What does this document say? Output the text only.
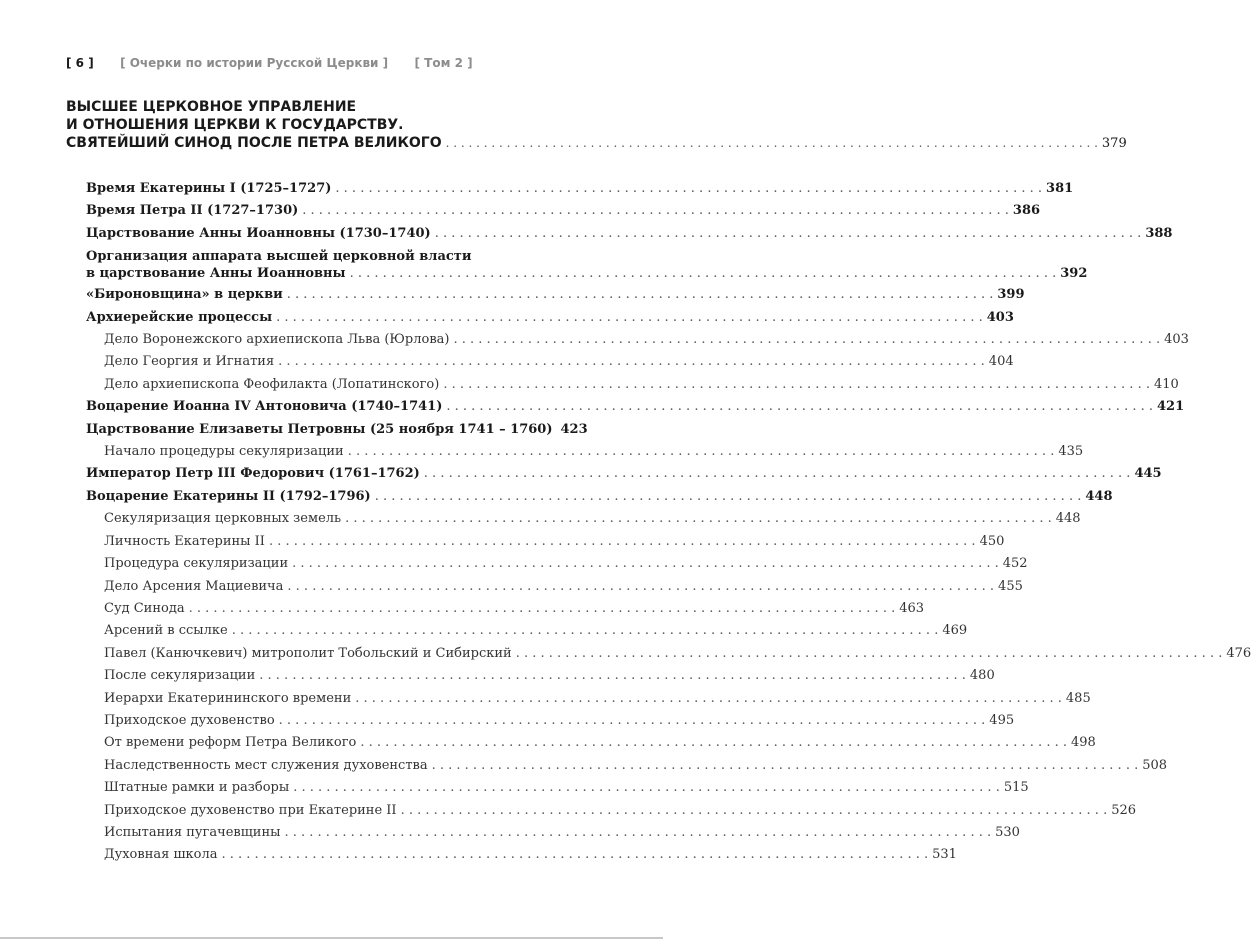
[ 6 ] [ Очерки по истории Русской Церкви ] [ Том 2 ]
ВЫСШЕЕ ЦЕРКОВНОЕ УПРАВЛЕНИЕ
И ОТНОШЕНИЯ ЦЕРКВИ К ГОСУДАРСТВУ.
СВЯТЕЙШИЙ СИНОД ПОСЛЕ ПЕТРА ВЕЛИКОГО . . . . . . . . . . . . . . . . . . . . . . . . . . . . . . . . . . . . . . . . . . . . . . . . . . . . . . . . . . . . . . . . . . . . . . . . . . . . . . . . . . . . . . 379
Время Екатерины I (1725–1727) . . . . . . . . . . . . . . . . . . . . . . . . . . . . . . . . . . . . . . . . . . . . . . . . . . . . . . . . . . . . . . . . . . . . . . . . . . . . . . . . . . . . . . 381
Время Петра II (1727–1730) . . . . . . . . . . . . . . . . . . . . . . . . . . . . . . . . . . . . . . . . . . . . . . . . . . . . . . . . . . . . . . . . . . . . . . . . . . . . . . . . . . . . . . 386
Царствование Анны Иоанновны (1730–1740) . . . . . . . . . . . . . . . . . . . . . . . . . . . . . . . . . . . . . . . . . . . . . . . . . . . . . . . . . . . . . . . . . . . . . . . . . . . . . . . . . . . . . . 388
Организация аппарата высшей церковной власти
в царствование Анны Иоанновны . . . . . . . . . . . . . . . . . . . . . . . . . . . . . . . . . . . . . . . . . . . . . . . . . . . . . . . . . . . . . . . . . . . . . . . . . . . . . . . . . . . . . . 392
«Бироновщина» в церкви . . . . . . . . . . . . . . . . . . . . . . . . . . . . . . . . . . . . . . . . . . . . . . . . . . . . . . . . . . . . . . . . . . . . . . . . . . . . . . . . . . . . . . 399
Архиерейские процессы . . . . . . . . . . . . . . . . . . . . . . . . . . . . . . . . . . . . . . . . . . . . . . . . . . . . . . . . . . . . . . . . . . . . . . . . . . . . . . . . . . . . . . 403
Дело Воронежского архиепископа Льва (Юрлова) . . . . . . . . . . . . . . . . . . . . . . . . . . . . . . . . . . . . . . . . . . . . . . . . . . . . . . . . . . . . . . . . . . . . . . . . . . . . . . . . . . . . . . 403
Дело Георгия и Игнатия . . . . . . . . . . . . . . . . . . . . . . . . . . . . . . . . . . . . . . . . . . . . . . . . . . . . . . . . . . . . . . . . . . . . . . . . . . . . . . . . . . . . . . 404
Дело архиепископа Феофилакта (Лопатинского) . . . . . . . . . . . . . . . . . . . . . . . . . . . . . . . . . . . . . . . . . . . . . . . . . . . . . . . . . . . . . . . . . . . . . . . . . . . . . . . . . . . . . . 410
Воцарение Иоанна IV Антоновича (1740–1741) . . . . . . . . . . . . . . . . . . . . . . . . . . . . . . . . . . . . . . . . . . . . . . . . . . . . . . . . . . . . . . . . . . . . . . . . . . . . . . . . . . . . . . 421
Царствование Елизаветы Петровны (25 ноября 1741 – 1760) 423
Начало процедуры секуляризации . . . . . . . . . . . . . . . . . . . . . . . . . . . . . . . . . . . . . . . . . . . . . . . . . . . . . . . . . . . . . . . . . . . . . . . . . . . . . . . . . . . . . . 435
Император Петр III Федорович (1761–1762) . . . . . . . . . . . . . . . . . . . . . . . . . . . . . . . . . . . . . . . . . . . . . . . . . . . . . . . . . . . . . . . . . . . . . . . . . . . . . . . . . . . . . . 445
Воцарение Екатерины II (1792–1796) . . . . . . . . . . . . . . . . . . . . . . . . . . . . . . . . . . . . . . . . . . . . . . . . . . . . . . . . . . . . . . . . . . . . . . . . . . . . . . . . . . . . . . 448
Секуляризация церковных земель . . . . . . . . . . . . . . . . . . . . . . . . . . . . . . . . . . . . . . . . . . . . . . . . . . . . . . . . . . . . . . . . . . . . . . . . . . . . . . . . . . . . . . 448
Личность Екатерины II . . . . . . . . . . . . . . . . . . . . . . . . . . . . . . . . . . . . . . . . . . . . . . . . . . . . . . . . . . . . . . . . . . . . . . . . . . . . . . . . . . . . . . 450
Процедура секуляризации . . . . . . . . . . . . . . . . . . . . . . . . . . . . . . . . . . . . . . . . . . . . . . . . . . . . . . . . . . . . . . . . . . . . . . . . . . . . . . . . . . . . . . 452
Дело Арсения Мациевича . . . . . . . . . . . . . . . . . . . . . . . . . . . . . . . . . . . . . . . . . . . . . . . . . . . . . . . . . . . . . . . . . . . . . . . . . . . . . . . . . . . . . . 455
Суд Синода . . . . . . . . . . . . . . . . . . . . . . . . . . . . . . . . . . . . . . . . . . . . . . . . . . . . . . . . . . . . . . . . . . . . . . . . . . . . . . . . . . . . . . 463
Арсений в ссылке . . . . . . . . . . . . . . . . . . . . . . . . . . . . . . . . . . . . . . . . . . . . . . . . . . . . . . . . . . . . . . . . . . . . . . . . . . . . . . . . . . . . . . 469
Павел (Канючкевич) митрополит Тобольский и Сибирский . . . . . . . . . . . . . . . . . . . . . . . . . . . . . . . . . . . . . . . . . . . . . . . . . . . . . . . . . . . . . . . . . . . . . . . . . . . . . . . . . . . . . . 476
После секуляризации . . . . . . . . . . . . . . . . . . . . . . . . . . . . . . . . . . . . . . . . . . . . . . . . . . . . . . . . . . . . . . . . . . . . . . . . . . . . . . . . . . . . . . 480
Иерархи Екатерининского времени . . . . . . . . . . . . . . . . . . . . . . . . . . . . . . . . . . . . . . . . . . . . . . . . . . . . . . . . . . . . . . . . . . . . . . . . . . . . . . . . . . . . . . 485
Приходское духовенство . . . . . . . . . . . . . . . . . . . . . . . . . . . . . . . . . . . . . . . . . . . . . . . . . . . . . . . . . . . . . . . . . . . . . . . . . . . . . . . . . . . . . . 495
От времени реформ Петра Великого . . . . . . . . . . . . . . . . . . . . . . . . . . . . . . . . . . . . . . . . . . . . . . . . . . . . . . . . . . . . . . . . . . . . . . . . . . . . . . . . . . . . . . 498
Наследственность мест служения духовенства . . . . . . . . . . . . . . . . . . . . . . . . . . . . . . . . . . . . . . . . . . . . . . . . . . . . . . . . . . . . . . . . . . . . . . . . . . . . . . . . . . . . . . 508
Штатные рамки и разборы . . . . . . . . . . . . . . . . . . . . . . . . . . . . . . . . . . . . . . . . . . . . . . . . . . . . . . . . . . . . . . . . . . . . . . . . . . . . . . . . . . . . . . 515
Приходское духовенство при Екатерине II . . . . . . . . . . . . . . . . . . . . . . . . . . . . . . . . . . . . . . . . . . . . . . . . . . . . . . . . . . . . . . . . . . . . . . . . . . . . . . . . . . . . . . 526
Испытания пугачевщины . . . . . . . . . . . . . . . . . . . . . . . . . . . . . . . . . . . . . . . . . . . . . . . . . . . . . . . . . . . . . . . . . . . . . . . . . . . . . . . . . . . . . . 530
Духовная школа . . . . . . . . . . . . . . . . . . . . . . . . . . . . . . . . . . . . . . . . . . . . . . . . . . . . . . . . . . . . . . . . . . . . . . . . . . . . . . . . . . . . . . 531
